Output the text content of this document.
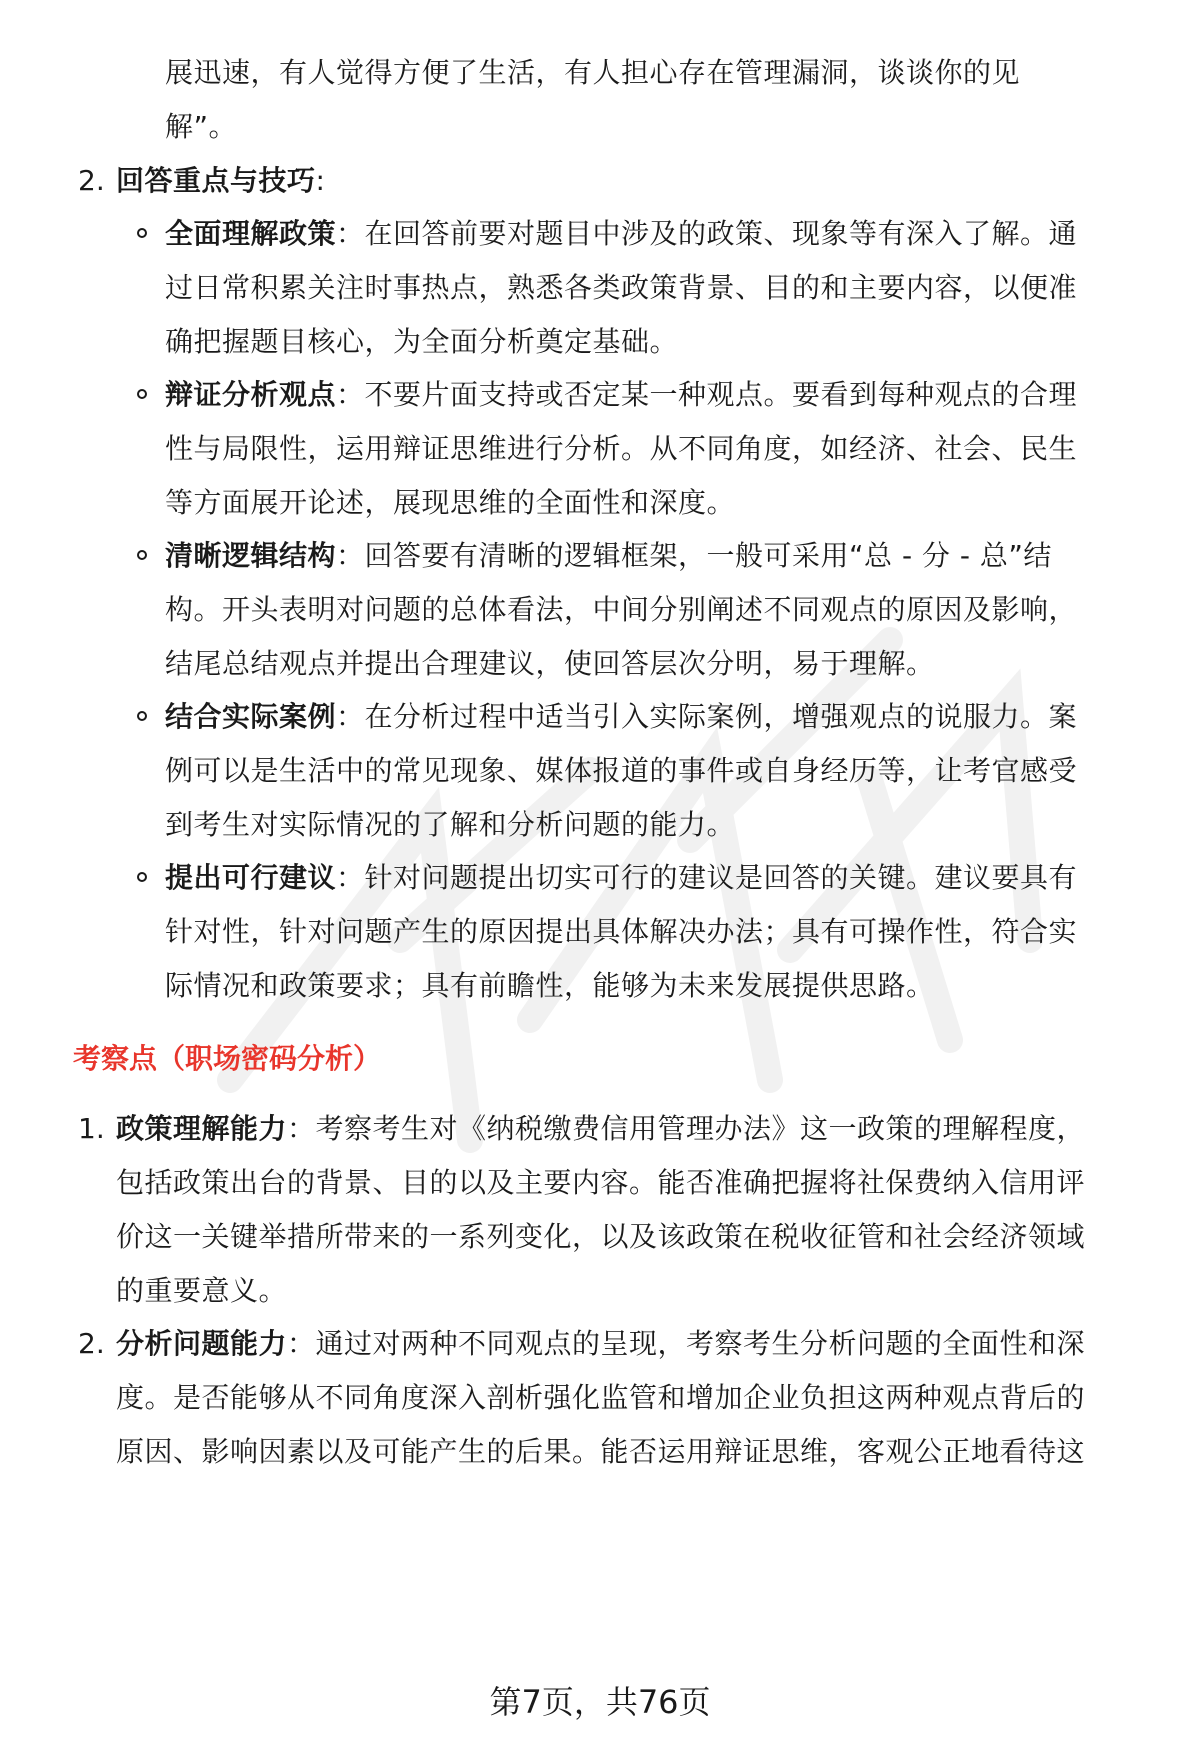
展迅速，有人觉得方便了生活，有人担心存在管理漏洞，谈谈你的见
解”。
2. 回答重点与技巧:
全面理解政策：在回答前要对题目中涉及的政策、现象等有深入了解。通
过日常积累关注时事热点，熟悉各类政策背景、目的和主要内容，以便准
确把握题目核心，为全面分析奠定基础。
辩证分析观点：不要片面支持或否定某一种观点。要看到每种观点的合理
性与局限性，运用辩证思维进行分析。从不同角度，如经济、社会、民生
等方面展开论述，展现思维的全面性和深度。
清晰逻辑结构：回答要有清晰的逻辑框架，一般可采用“总 - 分 - 总”结
构。开头表明对问题的总体看法，中间分别阐述不同观点的原因及影响，
结尾总结观点并提出合理建议，使回答层次分明，易于理解。
结合实际案例：在分析过程中适当引入实际案例，增强观点的说服力。案
例可以是生活中的常见现象、媒体报道的事件或自身经历等，让考官感受
到考生对实际情况的了解和分析问题的能力。
提出可行建议：针对问题提出切实可行的建议是回答的关键。建议要具有
针对性，针对问题产生的原因提出具体解决办法；具有可操作性，符合实
际情况和政策要求；具有前瞻性，能够为未来发展提供思路。
考察点（职场密码分析）
1. 政策理解能力：考察考生对《纳税缴费信用管理办法》这一政策的理解程度，
包括政策出台的背景、目的以及主要内容。能否准确把握将社保费纳入信用评
价这一关键举措所带来的一系列变化，以及该政策在税收征管和社会经济领域
的重要意义。
2. 分析问题能力：通过对两种不同观点的呈现，考察考生分析问题的全面性和深
度。是否能够从不同角度深入剖析强化监管和增加企业负担这两种观点背后的
原因、影响因素以及可能产生的后果。能否运用辩证思维，客观公正地看待这
第7页，共76页
